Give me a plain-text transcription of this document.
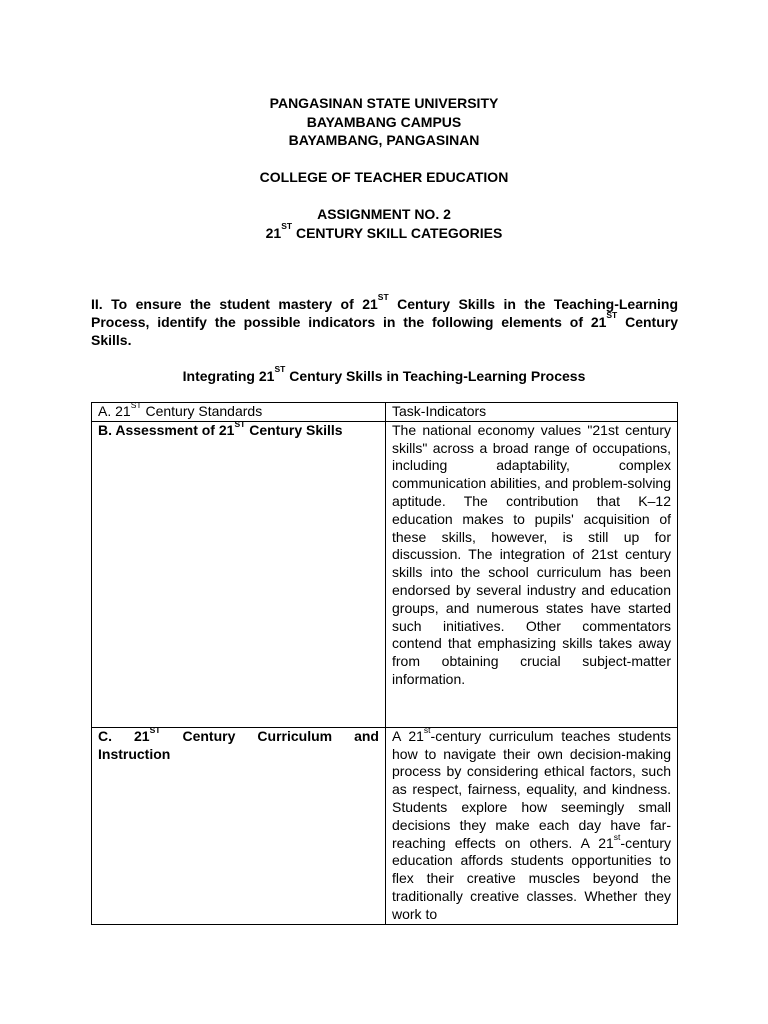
PANGASINAN STATE UNIVERSITY
BAYAMBANG CAMPUS
BAYAMBANG, PANGASINAN
COLLEGE OF TEACHER EDUCATION
ASSIGNMENT NO. 2
21ST CENTURY SKILL CATEGORIES
II. To ensure the student mastery of 21ST Century Skills in the Teaching-Learning Process, identify the possible indicators in the following elements of 21ST Century Skills.
Integrating 21ST Century Skills in Teaching-Learning Process
A. 21ST Century Standards	Task-Indicators
B. Assessment of 21ST Century Skills	The national economy values "21st century skills" across a broad range of occupations, including adaptability, complex communication abilities, and problem-solving aptitude. The contribution that K–12 education makes to pupils' acquisition of these skills, however, is still up for discussion. The integration of 21st century skills into the school curriculum has been endorsed by several industry and education groups, and numerous states have started such initiatives. Other commentators contend that emphasizing skills takes away from obtaining crucial subject-matter information.
C. 21ST Century Curriculum and Instruction	A 21st-century curriculum teaches students how to navigate their own decision-making process by considering ethical factors, such as respect, fairness, equality, and kindness. Students explore how seemingly small decisions they make each day have far-reaching effects on others. A 21st-century education affords students opportunities to flex their creative muscles beyond the traditionally creative classes. Whether they work to
